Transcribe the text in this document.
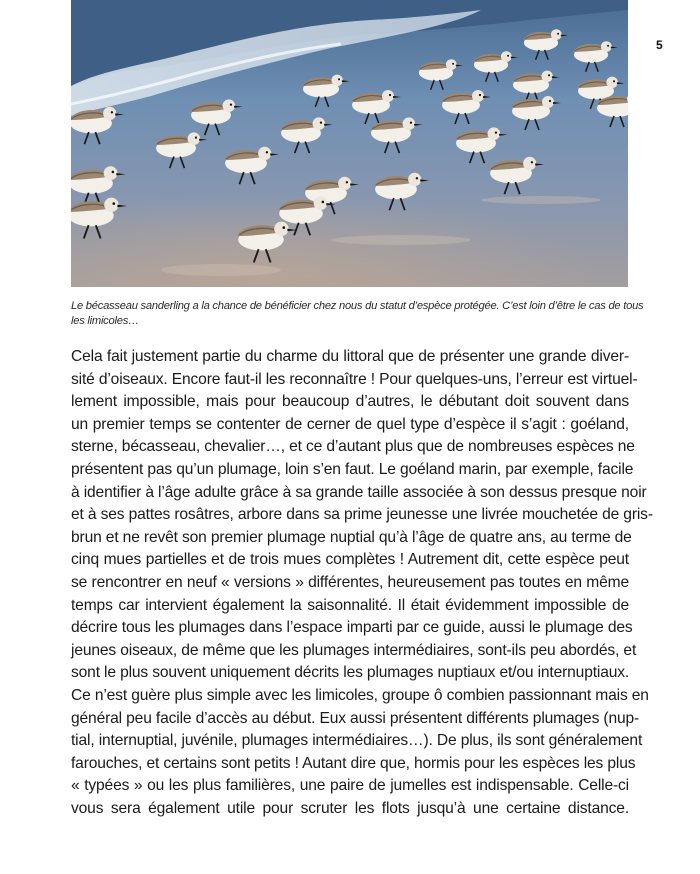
5
Le bécasseau sanderling a la chance de bénéficier chez nous du statut d’espèce protégée. C’est loin d’être le cas de tous
les limicoles…
Cela fait justement partie du charme du littoral que de présenter une grande diver-
sité d’oiseaux. Encore faut-il les reconnaître ! Pour quelques-uns, l’erreur est virtuel-
lement impossible, mais pour beaucoup d’autres, le débutant doit souvent dans
un premier temps se contenter de cerner de quel type d’espèce il s’agit : goéland,
sterne, bécasseau, chevalier…, et ce d’autant plus que de nombreuses espèces ne
présentent pas qu’un plumage, loin s’en faut. Le goéland marin, par exemple, facile
à identifier à l’âge adulte grâce à sa grande taille associée à son dessus presque noir
et à ses pattes rosâtres, arbore dans sa prime jeunesse une livrée mouchetée de gris-
brun et ne revêt son premier plumage nuptial qu’à l’âge de quatre ans, au terme de
cinq mues partielles et de trois mues complètes ! Autrement dit, cette espèce peut
se rencontrer en neuf « versions » différentes, heureusement pas toutes en même
temps car intervient également la saisonnalité. Il était évidemment impossible de
décrire tous les plumages dans l’espace imparti par ce guide, aussi le plumage des
jeunes oiseaux, de même que les plumages intermédiaires, sont-ils peu abordés, et
sont le plus souvent uniquement décrits les plumages nuptiaux et/ou internuptiaux.
Ce n’est guère plus simple avec les limicoles, groupe ô combien passionnant mais en
général peu facile d’accès au début. Eux aussi présentent différents plumages (nup-
tial, internuptial, juvénile, plumages intermédiaires…). De plus, ils sont généralement
farouches, et certains sont petits ! Autant dire que, hormis pour les espèces les plus
« typées » ou les plus familières, une paire de jumelles est indispensable. Celle-ci
vous sera également utile pour scruter les flots jusqu’à une certaine distance.
